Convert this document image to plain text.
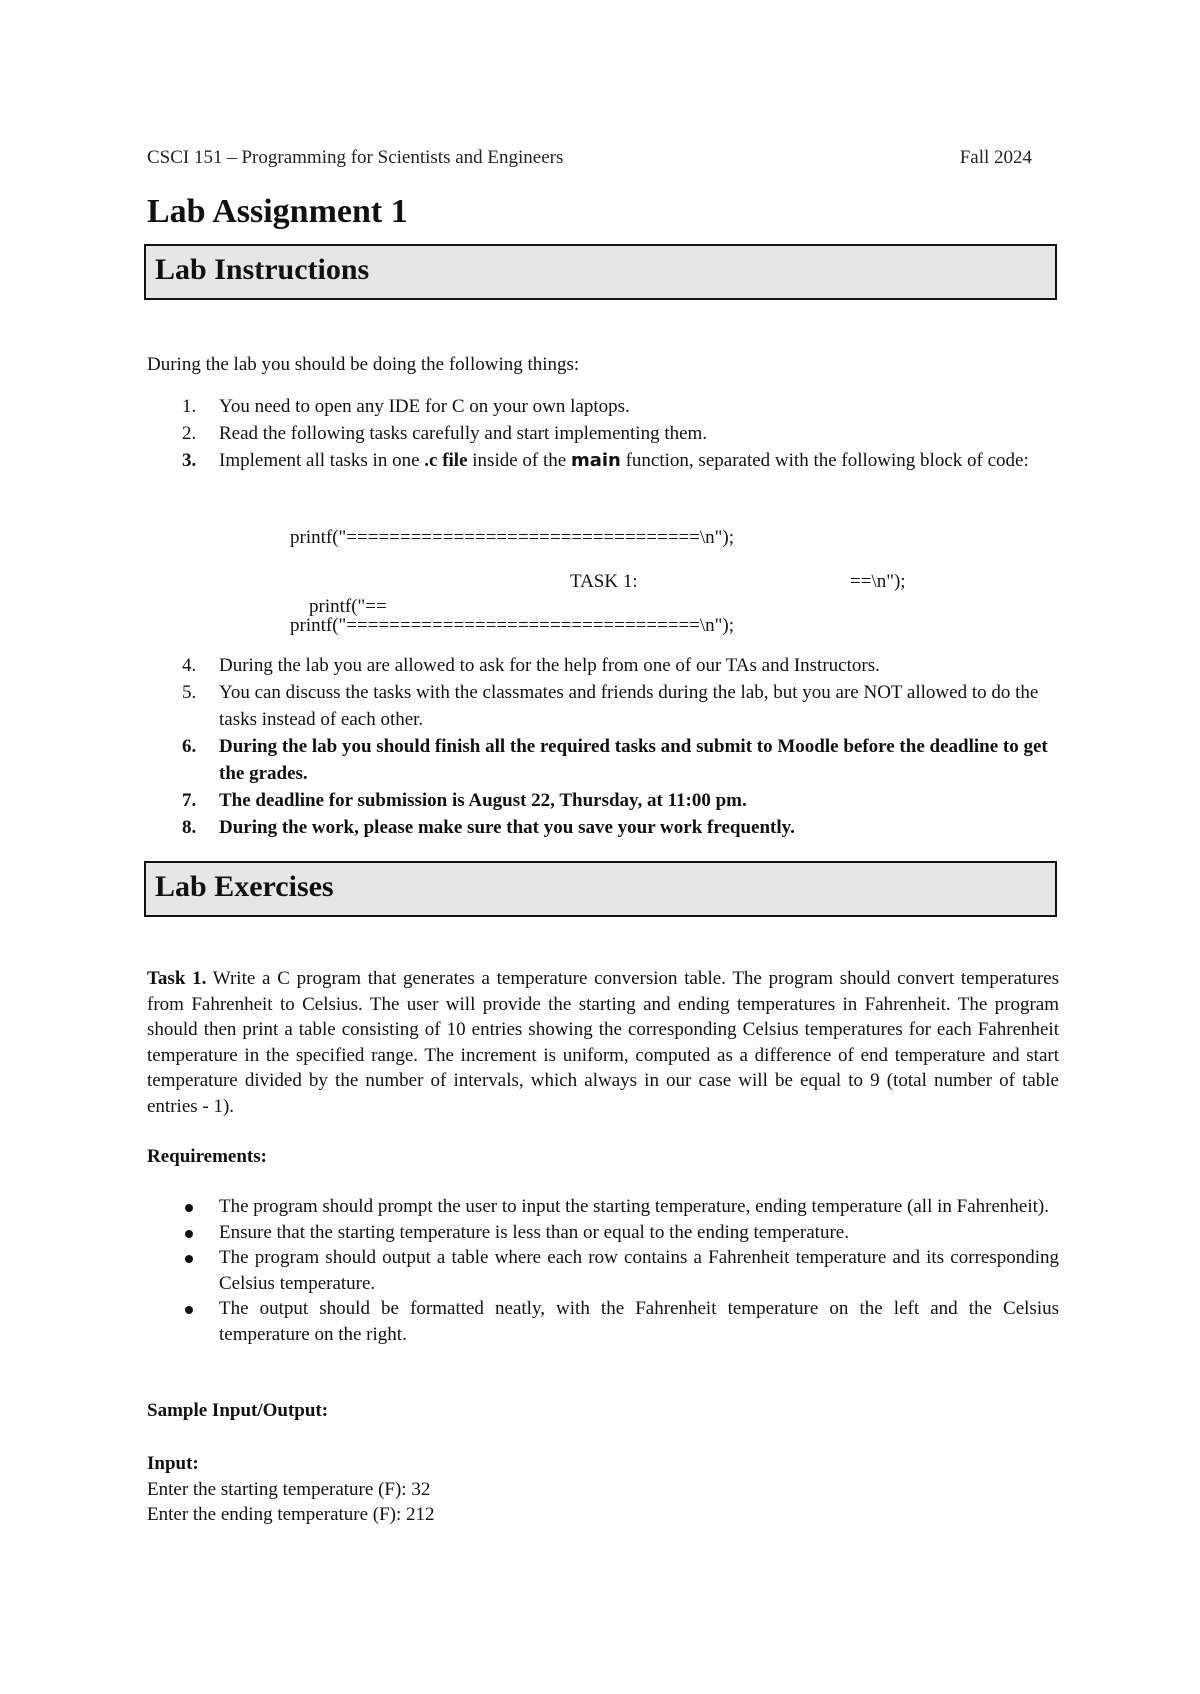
CSCI 151 – Programming for Scientists and Engineers	Fall 2024
Lab Assignment 1
Lab Instructions
During the lab you should be doing the following things:
1. You need to open any IDE for C on your own laptops.
2. Read the following tasks carefully and start implementing them.
3. Implement all tasks in one .c file inside of the main function, separated with the following block of code:
printf("=================================\n");

printf("==

TASK 1:

	==\n");

printf("=================================\n");
4. During the lab you are allowed to ask for the help from one of our TAs and Instructors.
5. You can discuss the tasks with the classmates and friends during the lab, but you are NOT allowed to do the tasks instead of each other.
6. During the lab you should finish all the required tasks and submit to Moodle before the deadline to get the grades.
7. The deadline for submission is August 22, Thursday, at 11:00 pm.
8. During the work, please make sure that you save your work frequently.
Lab Exercises
Task 1. Write a C program that generates a temperature conversion table. The program should convert temperatures from Fahrenheit to Celsius. The user will provide the starting and ending temperatures in Fahrenheit. The program should then print a table consisting of 10 entries showing the corresponding Celsius temperatures for each Fahrenheit temperature in the specified range. The increment is uniform, computed as a difference of end temperature and start temperature divided by the number of intervals, which always in our case will be equal to 9 (total number of table entries - 1).
Requirements:
The program should prompt the user to input the starting temperature, ending temperature (all in Fahrenheit).
Ensure that the starting temperature is less than or equal to the ending temperature.
The program should output a table where each row contains a Fahrenheit temperature and its corresponding Celsius temperature.
The output should be formatted neatly, with the Fahrenheit temperature on the left and the Celsius temperature on the right.
Sample Input/Output:
Input:
Enter the starting temperature (F): 32
Enter the ending temperature (F): 212
